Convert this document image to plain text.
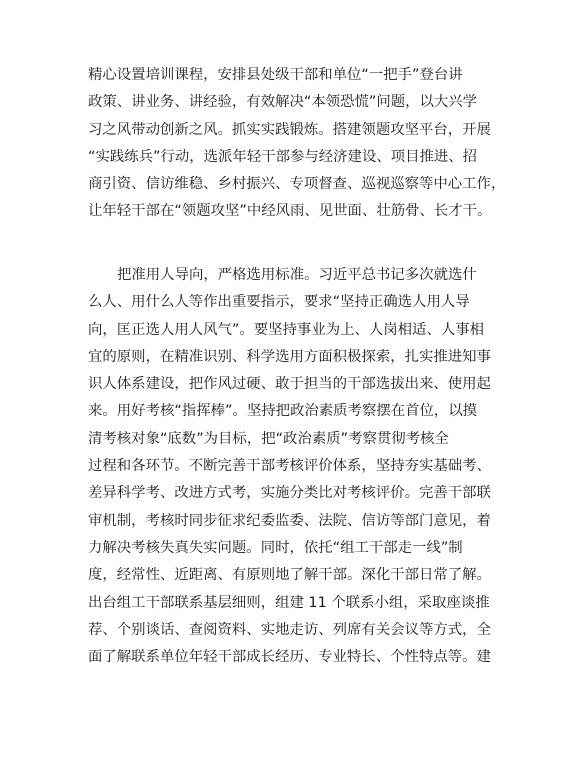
精心设置培训课程，安排县处级干部和单位“一把手”登台讲
政策、讲业务、讲经验，有效解决“本领恐慌”问题，以大兴学
习之风带动创新之风。抓实实践锻炼。搭建领题攻坚平台，开展
“实践练兵”行动，选派年轻干部参与经济建设、项目推进、招
商引资、信访维稳、乡村振兴、专项督查、巡视巡察等中心工作，
让年轻干部在“领题攻坚”中经风雨、见世面、壮筋骨、长才干。
把准用人导向，严格选用标准。习近平总书记多次就选什
么人、用什么人等作出重要指示，要求“坚持正确选人用人导
向，匡正选人用人风气”。要坚持事业为上、人岗相适、人事相
宜的原则，在精准识别、科学选用方面积极探索，扎实推进知事
识人体系建设，把作风过硬、敢于担当的干部选拔出来、使用起
来。用好考核“指挥棒”。坚持把政治素质考察摆在首位，以摸
清考核对象“底数”为目标，把“政治素质”考察贯彻考核全
过程和各环节。不断完善干部考核评价体系，坚持夯实基础考、
差异科学考、改进方式考，实施分类比对考核评价。完善干部联
审机制，考核时同步征求纪委监委、法院、信访等部门意见，着
力解决考核失真失实问题。同时，依托“组工干部走一线”制
度，经常性、近距离、有原则地了解干部。深化干部日常了解。
出台组工干部联系基层细则，组建 11 个联系小组，采取座谈推
荐、个别谈话、查阅资料、实地走访、列席有关会议等方式，全
面了解联系单位年轻干部成长经历、专业特长、个性特点等。建
